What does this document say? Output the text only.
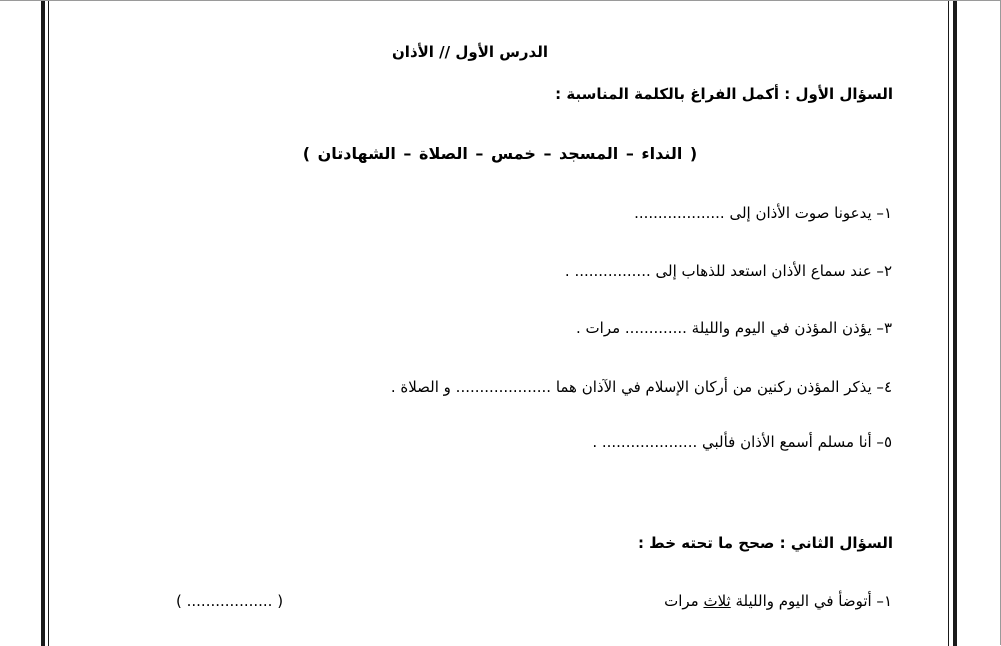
الدرس الأول // الأذان
السؤال الأول : أكمل الفراغ بالكلمة المناسبة :
( النداء – المسجد – خمس – الصلاة – الشهادتان )
١– يدعونا صوت الأذان إلى ...................
٢– عند سماع الأذان استعد للذهاب إلى ................ .
٣– يؤذن المؤذن في اليوم والليلة ............. مرات .
٤– يذكر المؤذن ركنين من أركان الإسلام في الآذان هما .................... و الصلاة .
٥– أنا مسلم أسمع الأذان فألبي .................... .
السؤال الثاني : صحح ما تحته خط :
١– أتوضأ في اليوم والليلة ثلاث مرات
( .................. )
